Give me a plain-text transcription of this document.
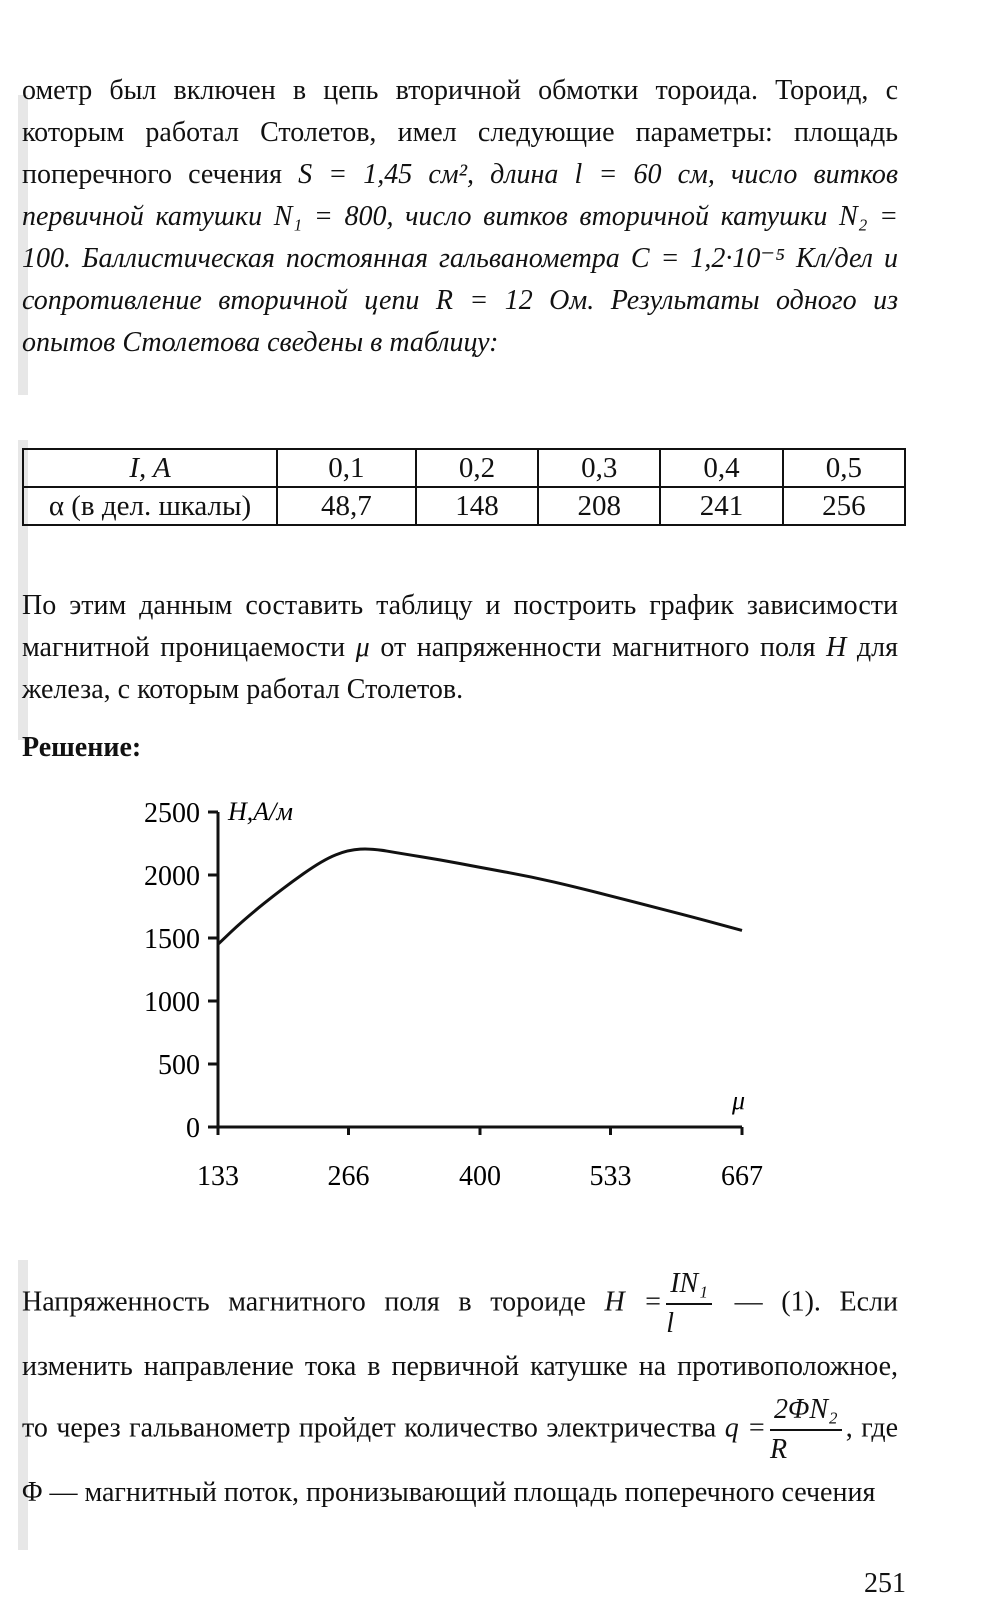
ометр был включен в цепь вторичной обмотки тороида. Тороид, с которым работал Столетов, имел следующие параметры: площадь поперечного сечения S = 1,45 см², длина l = 60 см, число витков первичной катушки N₁ = 800, число витков вторичной катушки N₂ = 100. Баллистическая постоянная гальванометра C = 1,2·10⁻⁵ Кл/дел и сопротивление вторичной цепи R = 12 Ом. Результаты одного из опытов Столетова сведены в таблицу:
I, A	0,1	0,2	0,3	0,4	0,5
α (в дел. шкалы)	48,7	148	208	241	256
По этим данным составить таблицу и построить график зависимости магнитной проницаемости μ от напряженности магнитного поля H для железа, с которым работал Столетов.
Решение:
0
500
1000
1500
2000
2500
133	266	400	533	667
H,А/м
μ
Напряженность магнитного поля в тороиде $H = \frac{\text{IN₁}}{l}$ — (1). Если изменить направление тока в первичной катушке на противоположное, то через гальванометр пройдет количество электричества $q = \frac{\text{2ΦN₂}}{R}$ , где Φ — магнитный поток, пронизывающий площадь поперечного сечения
251
